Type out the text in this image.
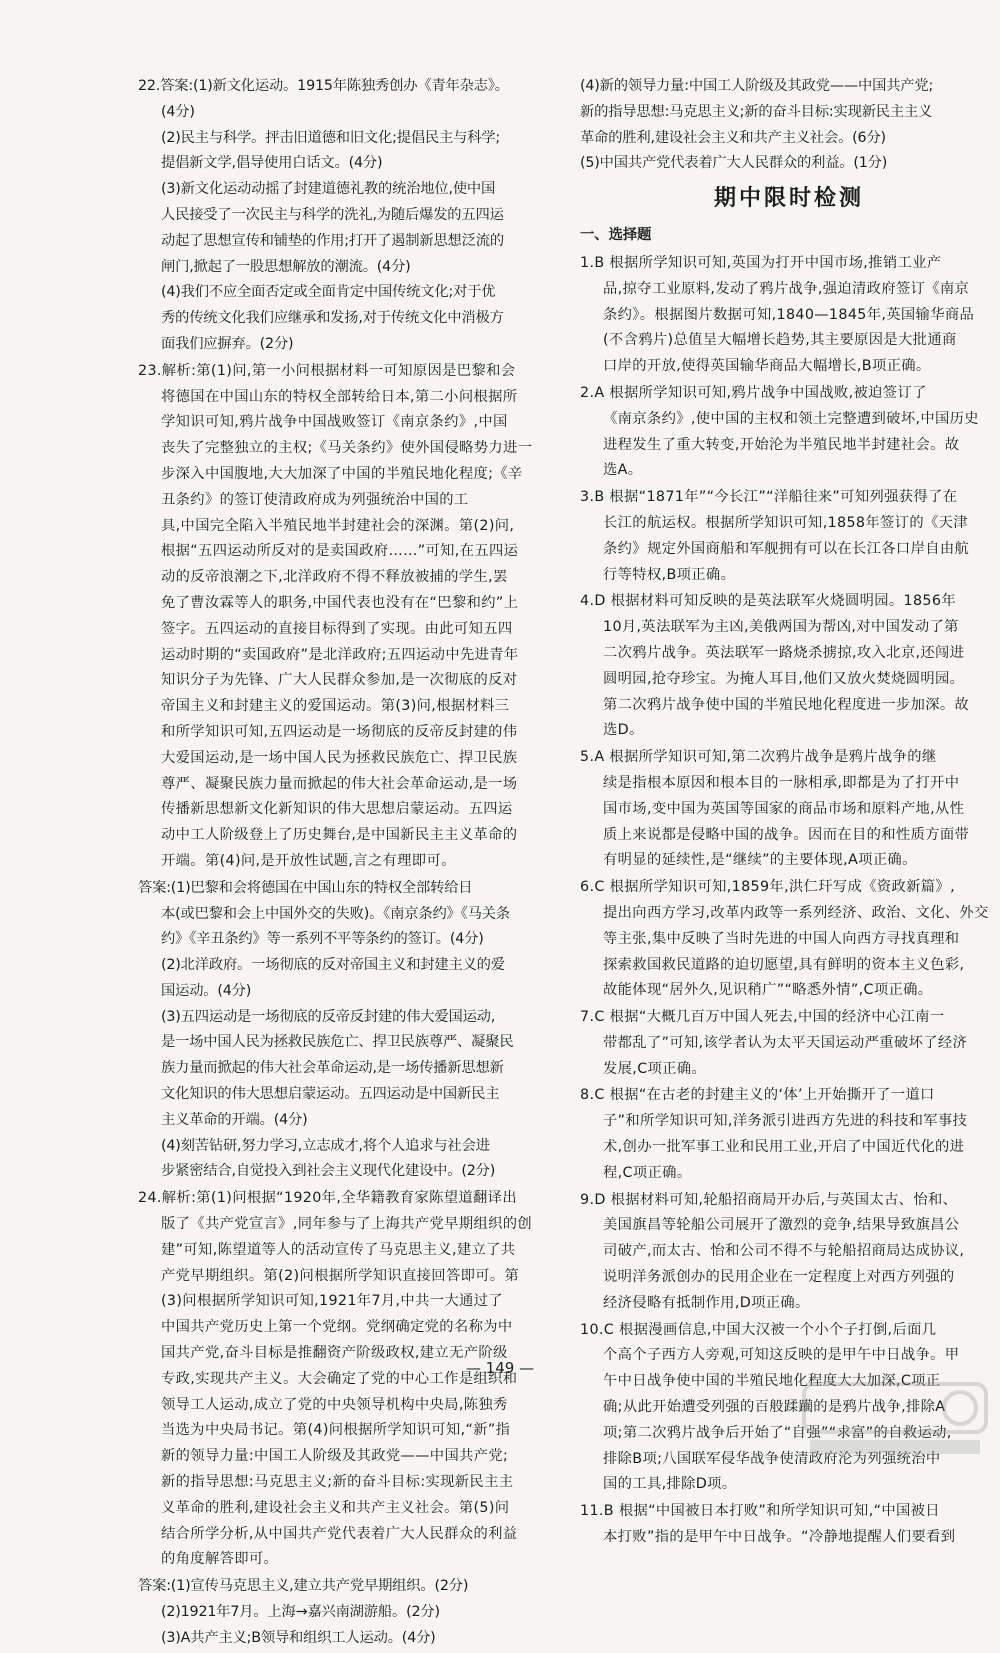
22.答案:(1)新文化运动。1915年陈独秀创办《青年杂志》。
(4分)
(2)民主与科学。抨击旧道德和旧文化;提倡民主与科学;
提倡新文学,倡导使用白话文。(4分)
(3)新文化运动动摇了封建道德礼教的统治地位,使中国
人民接受了一次民主与科学的洗礼,为随后爆发的五四运
动起了思想宣传和铺垫的作用;打开了遏制新思想泛流的
闸门,掀起了一股思想解放的潮流。(4分)
(4)我们不应全面否定或全面肯定中国传统文化;对于优
秀的传统文化我们应继承和发扬,对于传统文化中消极方
面我们应摒弃。(2分)
23.解析:第(1)问,第一小问根据材料一可知原因是巴黎和会
将德国在中国山东的特权全部转给日本,第二小问根据所
学知识可知,鸦片战争中国战败签订《南京条约》,中国
丧失了完整独立的主权;《马关条约》使外国侵略势力进一
步深入中国腹地,大大加深了中国的半殖民地化程度;《辛
丑条约》的签订使清政府成为列强统治中国的工
具,中国完全陷入半殖民地半封建社会的深渊。第(2)问,
根据“五四运动所反对的是卖国政府……”可知,在五四运
动的反帝浪潮之下,北洋政府不得不释放被捕的学生,罢
免了曹汝霖等人的职务,中国代表也没有在“巴黎和约”上
签字。五四运动的直接目标得到了实现。由此可知五四
运动时期的“卖国政府”是北洋政府;五四运动中先进青年
知识分子为先锋、广大人民群众参加,是一次彻底的反对
帝国主义和封建主义的爱国运动。第(3)问,根据材料三
和所学知识可知,五四运动是一场彻底的反帝反封建的伟
大爱国运动,是一场中国人民为拯救民族危亡、捍卫民族
尊严、凝聚民族力量而掀起的伟大社会革命运动,是一场
传播新思想新文化新知识的伟大思想启蒙运动。五四运
动中工人阶级登上了历史舞台,是中国新民主主义革命的
开端。第(4)问,是开放性试题,言之有理即可。
答案:(1)巴黎和会将德国在中国山东的特权全部转给日
本(或巴黎和会上中国外交的失败)。《南京条约》《马关条
约》《辛丑条约》等一系列不平等条约的签订。(4分)
(2)北洋政府。一场彻底的反对帝国主义和封建主义的爱
国运动。(4分)
(3)五四运动是一场彻底的反帝反封建的伟大爱国运动,
是一场中国人民为拯救民族危亡、捍卫民族尊严、凝聚民
族力量而掀起的伟大社会革命运动,是一场传播新思想新
文化知识的伟大思想启蒙运动。五四运动是中国新民主
主义革命的开端。(4分)
(4)刻苦钻研,努力学习,立志成才,将个人追求与社会进
步紧密结合,自觉投入到社会主义现代化建设中。(2分)
24.解析:第(1)问根据“1920年,全华籍教育家陈望道翻译出
版了《共产党宣言》,同年参与了上海共产党早期组织的创
建”可知,陈望道等人的活动宣传了马克思主义,建立了共
产党早期组织。第(2)问根据所学知识直接回答即可。第
(3)问根据所学知识可知,1921年7月,中共一大通过了
中国共产党历史上第一个党纲。党纲确定党的名称为中
国共产党,奋斗目标是推翻资产阶级政权,建立无产阶级
专政,实现共产主义。大会确定了党的中心工作是组织和
领导工人运动,成立了党的中央领导机构中央局,陈独秀
当选为中央局书记。第(4)问根据所学知识可知,“新”指
新的领导力量:中国工人阶级及其政党——中国共产党;
新的指导思想:马克思主义;新的奋斗目标:实现新民主主
义革命的胜利,建设社会主义和共产主义社会。第(5)问
结合所学分析,从中国共产党代表着广大人民群众的利益
的角度解答即可。
答案:(1)宣传马克思主义,建立共产党早期组织。(2分)
(2)1921年7月。上海→嘉兴南湖游船。(2分)
(3)A共产主义;B领导和组织工人运动。(4分)
(4)新的领导力量:中国工人阶级及其政党——中国共产党;
新的指导思想:马克思主义;新的奋斗目标:实现新民主主义
革命的胜利,建设社会主义和共产主义社会。(6分)
(5)中国共产党代表着广大人民群众的利益。(1分)
期中限时检测
一、选择题
1.B 根据所学知识可知,英国为打开中国市场,推销工业产
品,掠夺工业原料,发动了鸦片战争,强迫清政府签订《南京
条约》。根据图片数据可知,1840—1845年,英国输华商品
(不含鸦片)总值呈大幅增长趋势,其主要原因是大批通商
口岸的开放,使得英国输华商品大幅增长,B项正确。
2.A 根据所学知识可知,鸦片战争中国战败,被迫签订了
《南京条约》,使中国的主权和领土完整遭到破坏,中国历史
进程发生了重大转变,开始沦为半殖民地半封建社会。故
选A。
3.B 根据“1871年”“今长江”“洋船往来”可知列强获得了在
长江的航运权。根据所学知识可知,1858年签订的《天津
条约》规定外国商船和军舰拥有可以在长江各口岸自由航
行等特权,B项正确。
4.D 根据材料可知反映的是英法联军火烧圆明园。1856年
10月,英法联军为主凶,美俄两国为帮凶,对中国发动了第
二次鸦片战争。英法联军一路烧杀掳掠,攻入北京,还闯进
圆明园,抢夺珍宝。为掩人耳目,他们又放火焚烧圆明园。
第二次鸦片战争使中国的半殖民地化程度进一步加深。故
选D。
5.A 根据所学知识可知,第二次鸦片战争是鸦片战争的继
续是指根本原因和根本目的一脉相承,即都是为了打开中
国市场,变中国为英国等国家的商品市场和原料产地,从性
质上来说都是侵略中国的战争。因而在目的和性质方面带
有明显的延续性,是“继续”的主要体现,A项正确。
6.C 根据所学知识可知,1859年,洪仁玕写成《资政新篇》,
提出向西方学习,改革内政等一系列经济、政治、文化、外交
等主张,集中反映了当时先进的中国人向西方寻找真理和
探索救国救民道路的迫切愿望,具有鲜明的资本主义色彩,
故能体现“居外久,见识稍广”“略悉外情”,C项正确。
7.C 根据“大概几百万中国人死去,中国的经济中心江南一
带都乱了”可知,该学者认为太平天国运动严重破坏了经济
发展,C项正确。
8.C 根据“在古老的封建主义的‘体’上开始撕开了一道口
子”和所学知识可知,洋务派引进西方先进的科技和军事技
术,创办一批军事工业和民用工业,开启了中国近代化的进
程,C项正确。
9.D 根据材料可知,轮船招商局开办后,与英国太古、怡和、
美国旗昌等轮船公司展开了激烈的竞争,结果导致旗昌公
司破产,而太古、怡和公司不得不与轮船招商局达成协议,
说明洋务派创办的民用企业在一定程度上对西方列强的
经济侵略有抵制作用,D项正确。
10.C 根据漫画信息,中国大汉被一个小个子打倒,后面几
个高个子西方人旁观,可知这反映的是甲午中日战争。甲
午中日战争使中国的半殖民地化程度大大加深,C项正
确;从此开始遭受列强的百般蹂躏的是鸦片战争,排除A
项;第二次鸦片战争后开始了“自强”“求富”的自救运动,
排除B项;八国联军侵华战争使清政府沦为列强统治中
国的工具,排除D项。
11.B 根据“中国被日本打败”和所学知识可知,“中国被日
本打败”指的是甲午中日战争。“冷静地提醒人们要看到
— 149 —
